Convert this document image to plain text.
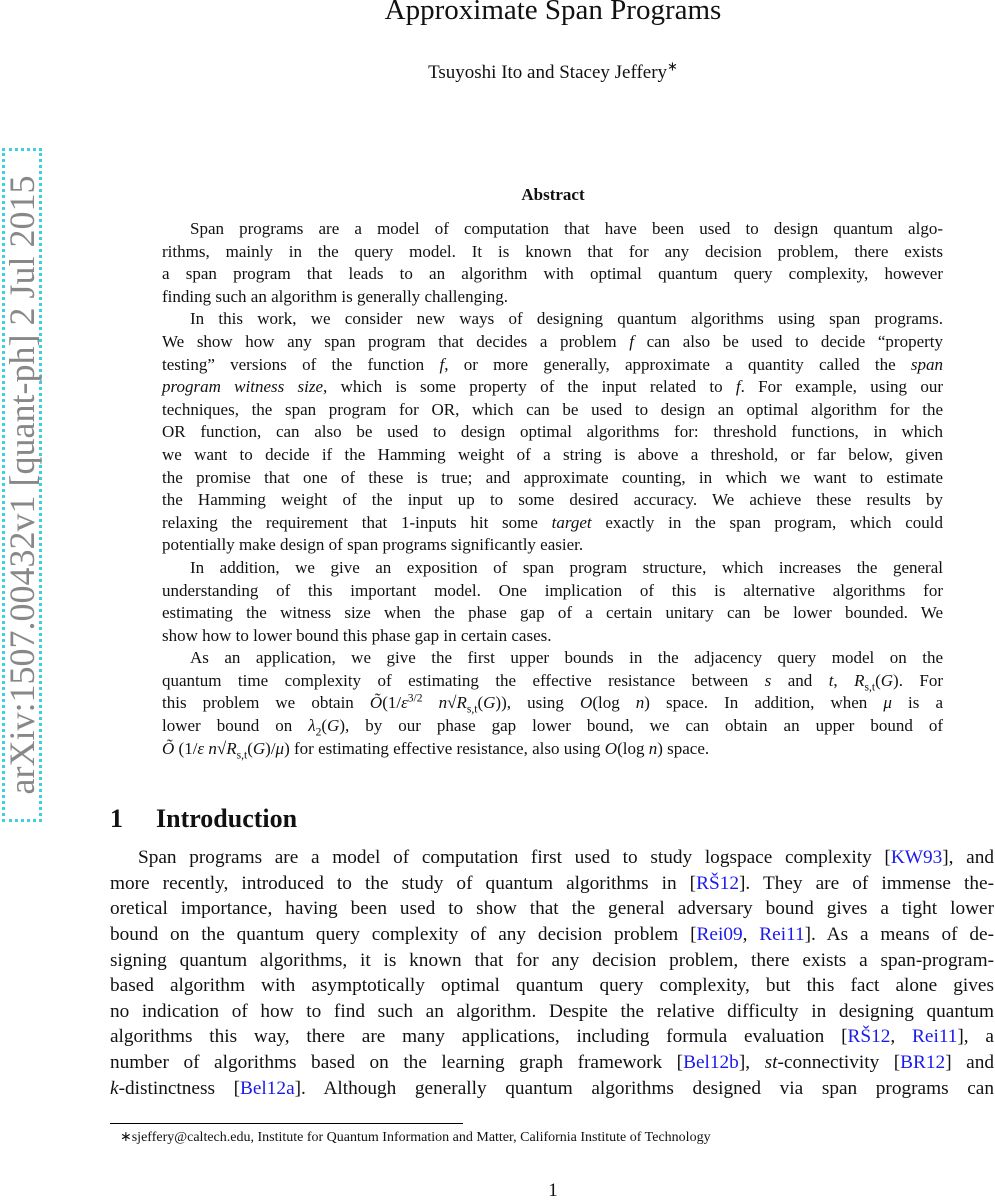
arXiv:1507.00432v1 [quant-ph] 2 Jul 2015
Approximate Span Programs
Tsuyoshi Ito and Stacey Jeffery∗
Abstract
Span programs are a model of computation that have been used to design quantum algo-
rithms, mainly in the query model. It is known that for any decision problem, there exists
a span program that leads to an algorithm with optimal quantum query complexity, however
finding such an algorithm is generally challenging.
In this work, we consider new ways of designing quantum algorithms using span programs.
We show how any span program that decides a problem f can also be used to decide “property
testing” versions of the function f, or more generally, approximate a quantity called the span
program witness size, which is some property of the input related to f. For example, using our
techniques, the span program for OR, which can be used to design an optimal algorithm for the
OR function, can also be used to design optimal algorithms for: threshold functions, in which
we want to decide if the Hamming weight of a string is above a threshold, or far below, given
the promise that one of these is true; and approximate counting, in which we want to estimate
the Hamming weight of the input up to some desired accuracy. We achieve these results by
relaxing the requirement that 1-inputs hit some target exactly in the span program, which could
potentially make design of span programs significantly easier.
In addition, we give an exposition of span program structure, which increases the general
understanding of this important model. One implication of this is alternative algorithms for
estimating the witness size when the phase gap of a certain unitary can be lower bounded. We
show how to lower bound this phase gap in certain cases.
As an application, we give the first upper bounds in the adjacency query model on the
quantum time complexity of estimating the effective resistance between s and t, $R_{s,t}(G)$. For
this problem we obtain $Õ(1/\varepsilon^{3/2}$ $n√R_{s,t}(G)$), using O(log n) space. In addition, when μ is a
lower bound on $\lambda_2(G)$, by our phase gap lower bound, we can obtain an upper bound of
Õ (1/ε $n√R_{s,t}(G)/\mu$) for estimating effective resistance, also using O(log n) space.
1 Introduction
Span programs are a model of computation first used to study logspace complexity [KW93], and
more recently, introduced to the study of quantum algorithms in [RŠ12]. They are of immense the-
oretical importance, having been used to show that the general adversary bound gives a tight lower
bound on the quantum query complexity of any decision problem [Rei09, Rei11]. As a means of de-
signing quantum algorithms, it is known that for any decision problem, there exists a span-program-
based algorithm with asymptotically optimal quantum query complexity, but this fact alone gives
no indication of how to find such an algorithm. Despite the relative difficulty in designing quantum
algorithms this way, there are many applications, including formula evaluation [RŠ12, Rei11], a
number of algorithms based on the learning graph framework [Bel12b], st-connectivity [BR12] and
k-distinctness [Bel12a]. Although generally quantum algorithms designed via span programs can
∗sjeffery@caltech.edu, Institute for Quantum Information and Matter, California Institute of Technology
1
